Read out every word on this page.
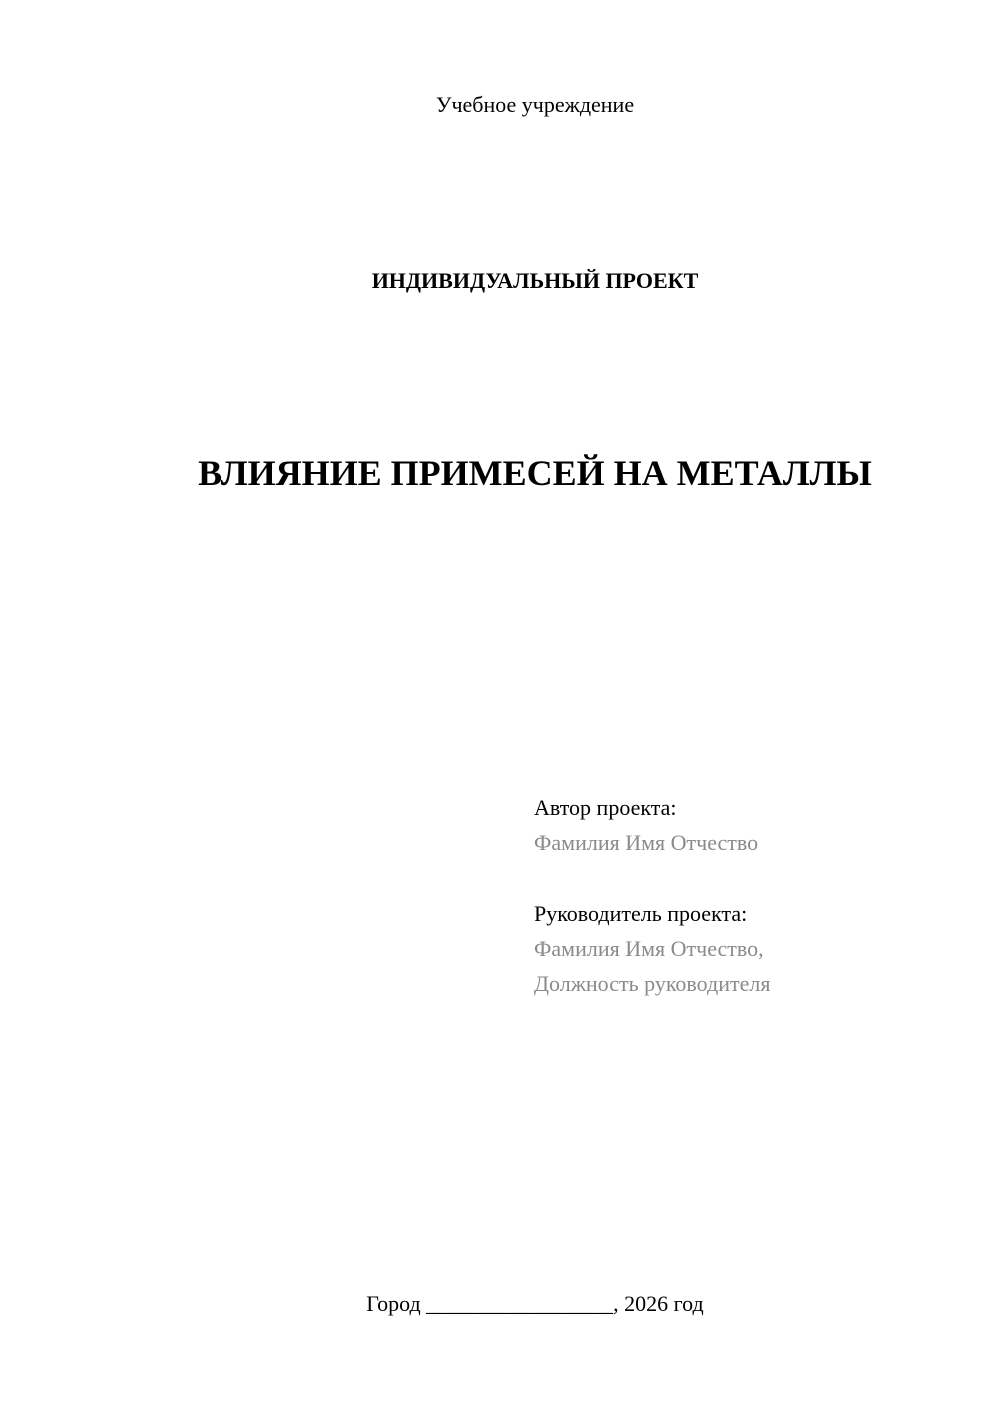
Учебное учреждение
ИНДИВИДУАЛЬНЫЙ ПРОЕКТ
ВЛИЯНИЕ ПРИМЕСЕЙ НА МЕТАЛЛЫ
Автор проекта:
Фамилия Имя Отчество
Руководитель проекта:
Фамилия Имя Отчество,
Должность руководителя
Город _________________, 2026 год
